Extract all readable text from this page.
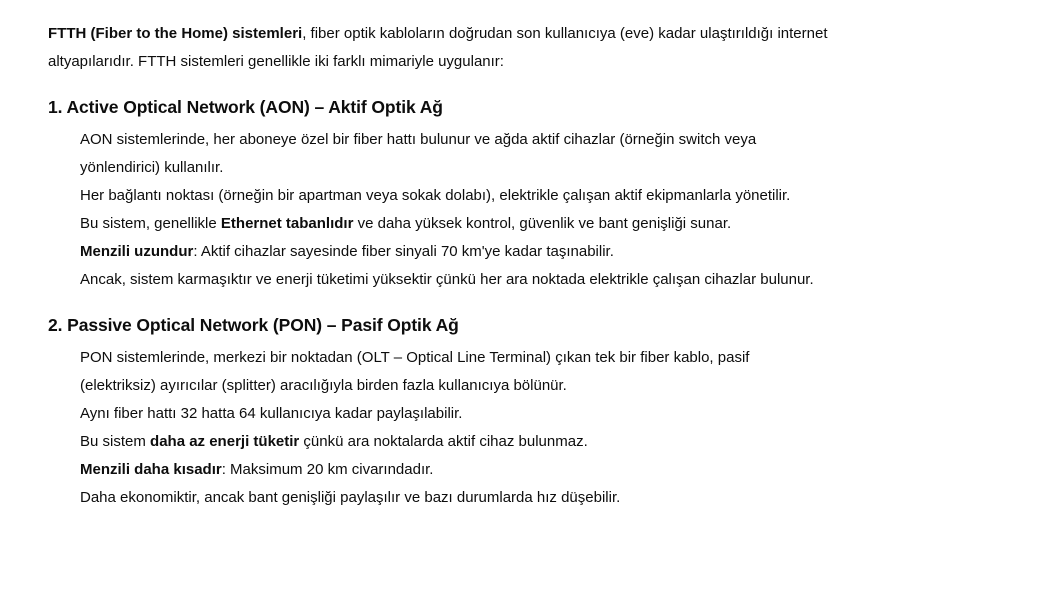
FTTH (Fiber to the Home) sistemleri, fiber optik kabloların doğrudan son kullanıcıya (eve) kadar ulaştırıldığı internet altyapılarıdır. FTTH sistemleri genellikle iki farklı mimariyle uygulanır:

1. Active Optical Network (AON) – Aktif Optik Ağ
AON sistemlerinde, her aboneye özel bir fiber hattı bulunur ve ağda aktif cihazlar (örneğin switch veya yönlendirici) kullanılır.
Her bağlantı noktası (örneğin bir apartman veya sokak dolabı), elektrikle çalışan aktif ekipmanlarla yönetilir.
Bu sistem, genellikle Ethernet tabanlıdır ve daha yüksek kontrol, güvenlik ve bant genişliği sunar.
Menzili uzundur: Aktif cihazlar sayesinde fiber sinyali 70 km'ye kadar taşınabilir.
Ancak, sistem karmaşıktır ve enerji tüketimi yüksektir çünkü her ara noktada elektrikle çalışan cihazlar bulunur.
2. Passive Optical Network (PON) – Pasif Optik Ağ
PON sistemlerinde, merkezi bir noktadan (OLT – Optical Line Terminal) çıkan tek bir fiber kablo, pasif (elektriksiz) ayırıcılar (splitter) aracılığıyla birden fazla kullanıcıya bölünür.
Aynı fiber hattı 32 hatta 64 kullanıcıya kadar paylaşılabilir.
Bu sistem daha az enerji tüketir çünkü ara noktalarda aktif cihaz bulunmaz.
Menzili daha kısadır: Maksimum 20 km civarındadır.
Daha ekonomiktir, ancak bant genişliği paylaşılır ve bazı durumlarda hız düşebilir.
